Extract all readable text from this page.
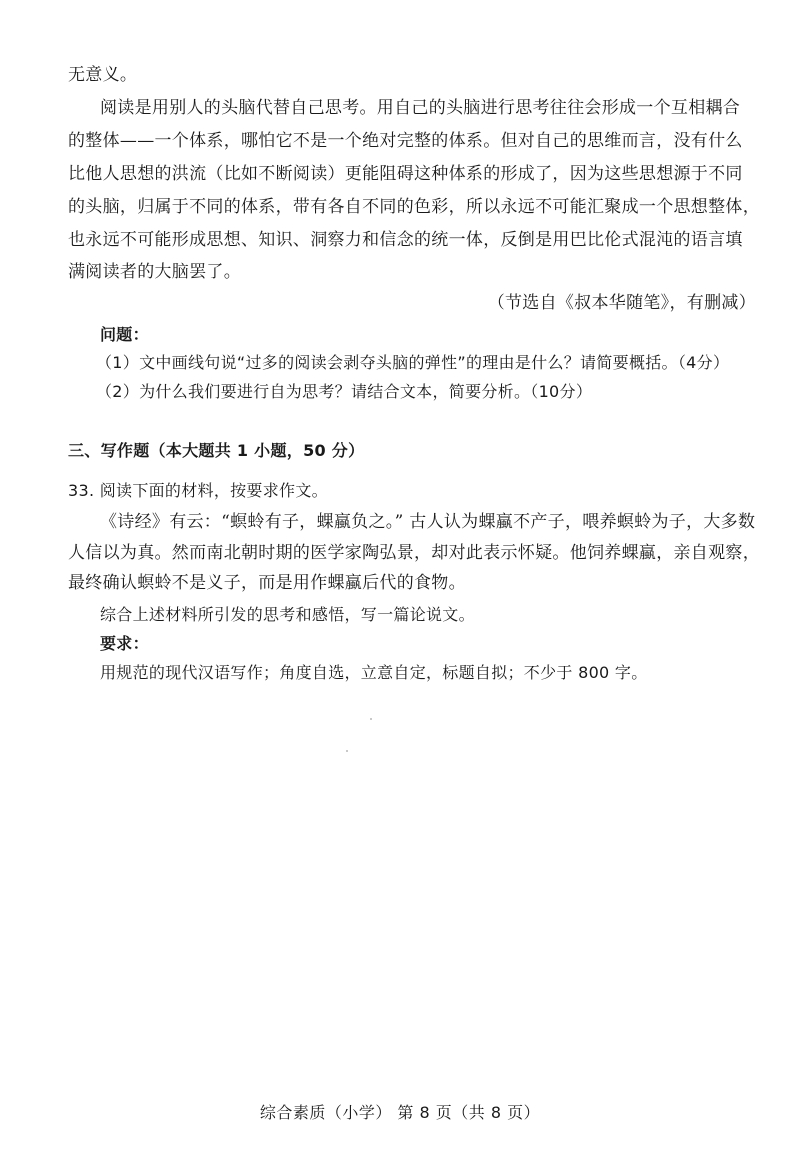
无意义。
阅读是用别人的头脑代替自己思考。用自己的头脑进行思考往往会形成一个互相耦合
的整体——一个体系，哪怕它不是一个绝对完整的体系。但对自己的思维而言，没有什么
比他人思想的洪流（比如不断阅读）更能阻碍这种体系的形成了，因为这些思想源于不同
的头脑，归属于不同的体系，带有各自不同的色彩，所以永远不可能汇聚成一个思想整体，
也永远不可能形成思想、知识、洞察力和信念的统一体，反倒是用巴比伦式混沌的语言填
满阅读者的大脑罢了。
（节选自《叔本华随笔》，有删减）
问题：
（1）文中画线句说“过多的阅读会剥夺头脑的弹性”的理由是什么？请简要概括。（4分）
（2）为什么我们要进行自为思考？请结合文本，简要分析。（10分）
三、写作题（本大题共 1 小题，50 分）
33. 阅读下面的材料，按要求作文。
《诗经》有云：“螟蛉有子，蜾蠃负之。” 古人认为蜾蠃不产子，喂养螟蛉为子，大多数
人信以为真。然而南北朝时期的医学家陶弘景，却对此表示怀疑。他饲养蜾蠃，亲自观察，
最终确认螟蛉不是义子，而是用作蜾蠃后代的食物。
综合上述材料所引发的思考和感悟，写一篇论说文。
要求：
用规范的现代汉语写作；角度自选，立意自定，标题自拟；不少于 800 字。
综合素质（小学） 第 8 页（共 8 页）
